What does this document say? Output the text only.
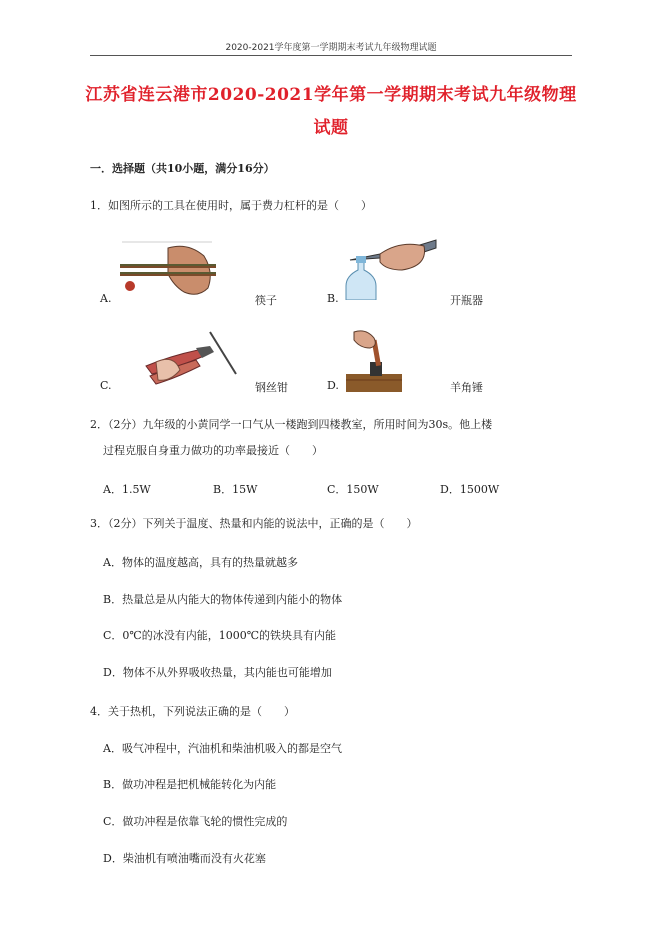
2020-2021学年度第一学期期末考试九年级物理试题
江苏省连云港市2020-2021学年第一学期期末考试九年级物理
试题
一．选择题（共10小题，满分16分）
1．如图所示的工具在使用时，属于费力杠杆的是（　　）
A.	筷子	B.	开瓶器
C.	钢丝钳	D.	羊角锤
2．（2分）九年级的小黄同学一口气从一楼跑到四楼教室，所用时间为30s。他上楼
过程克服自身重力做功的功率最接近（　　）
A．1.5W	B．15W	C．150W	D．1500W
3．（2分）下列关于温度、热量和内能的说法中，正确的是（　　）
A．物体的温度越高，具有的热量就越多
B．热量总是从内能大的物体传递到内能小的物体
C．0℃的冰没有内能，1000℃的铁块具有内能
D．物体不从外界吸收热量，其内能也可能增加
4．关于热机，下列说法正确的是（　　）
A．吸气冲程中，汽油机和柴油机吸入的都是空气
B．做功冲程是把机械能转化为内能
C．做功冲程是依靠飞轮的惯性完成的
D．柴油机有喷油嘴而没有火花塞
